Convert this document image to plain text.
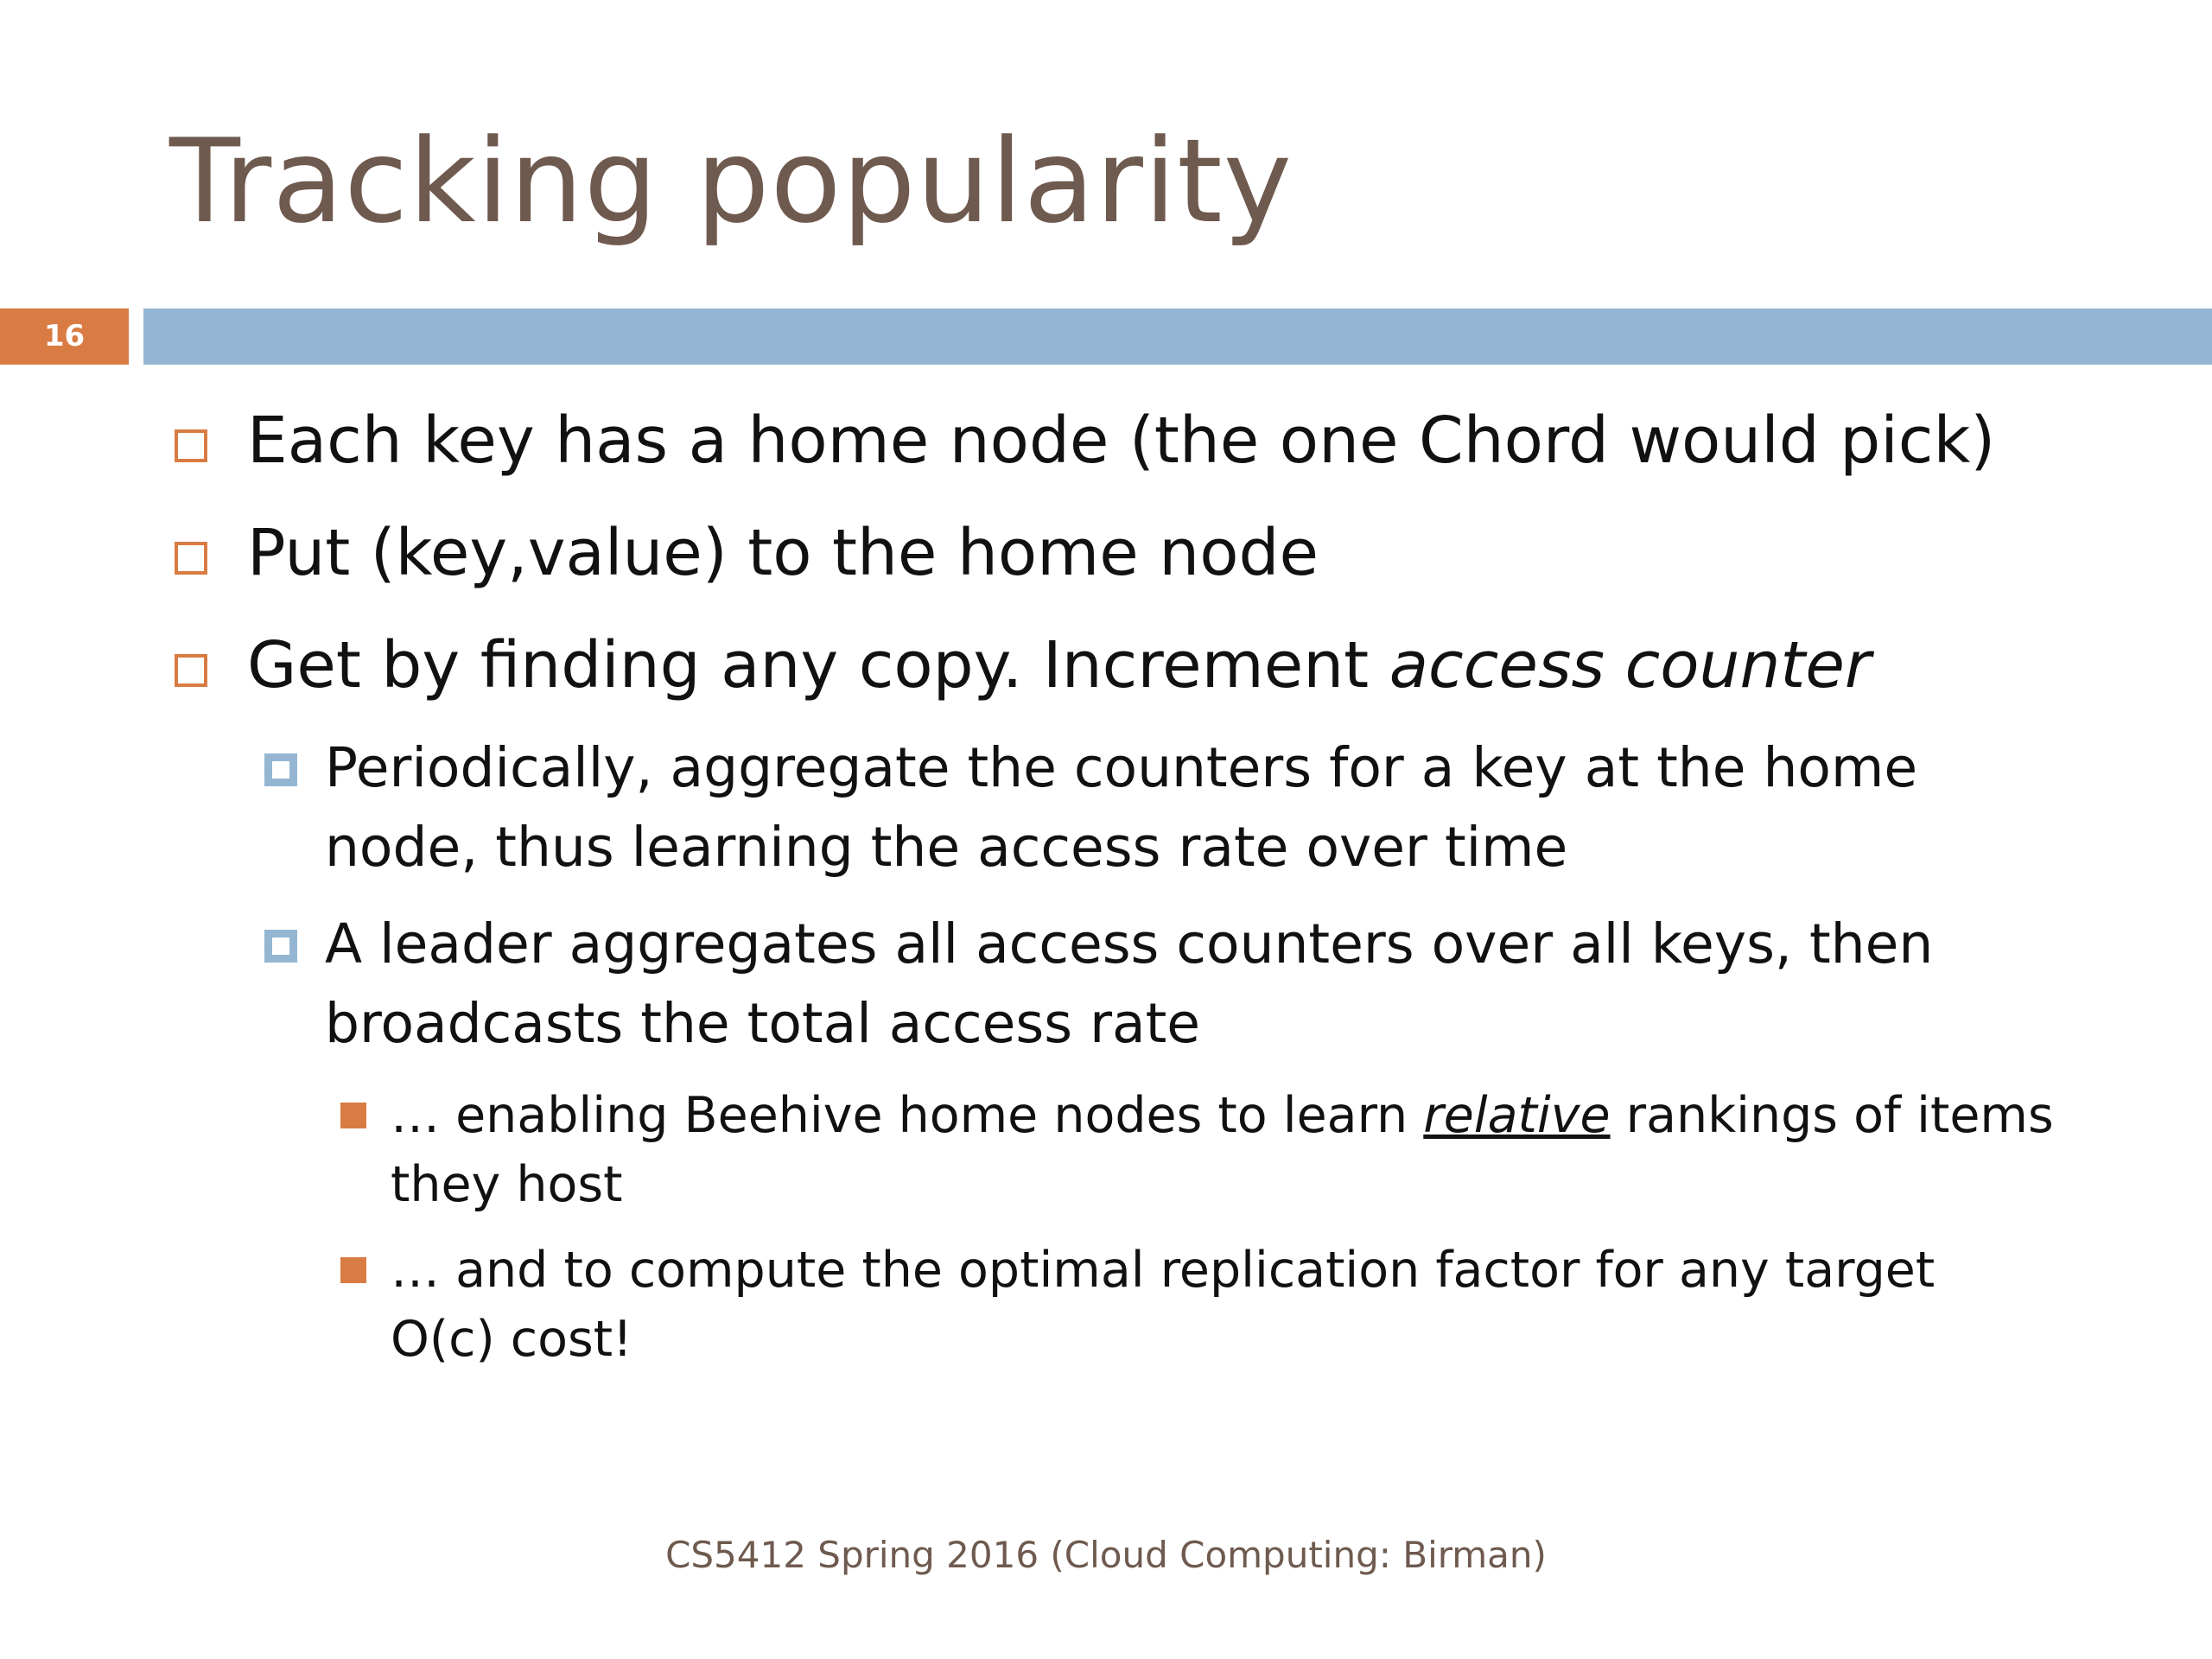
Tracking popularity
16
Each key has a home node (the one Chord would pick)
Put (key,value) to the home node
Get by finding any copy. Increment access counter
Periodically, aggregate the counters for a key at the home
node, thus learning the access rate over time
A leader aggregates all access counters over all keys, then
broadcasts the total access rate
… enabling Beehive home nodes to learn relative rankings of items
they host
… and to compute the optimal replication factor for any target
O(c) cost!
CS5412 Spring 2016 (Cloud Computing: Birman)
